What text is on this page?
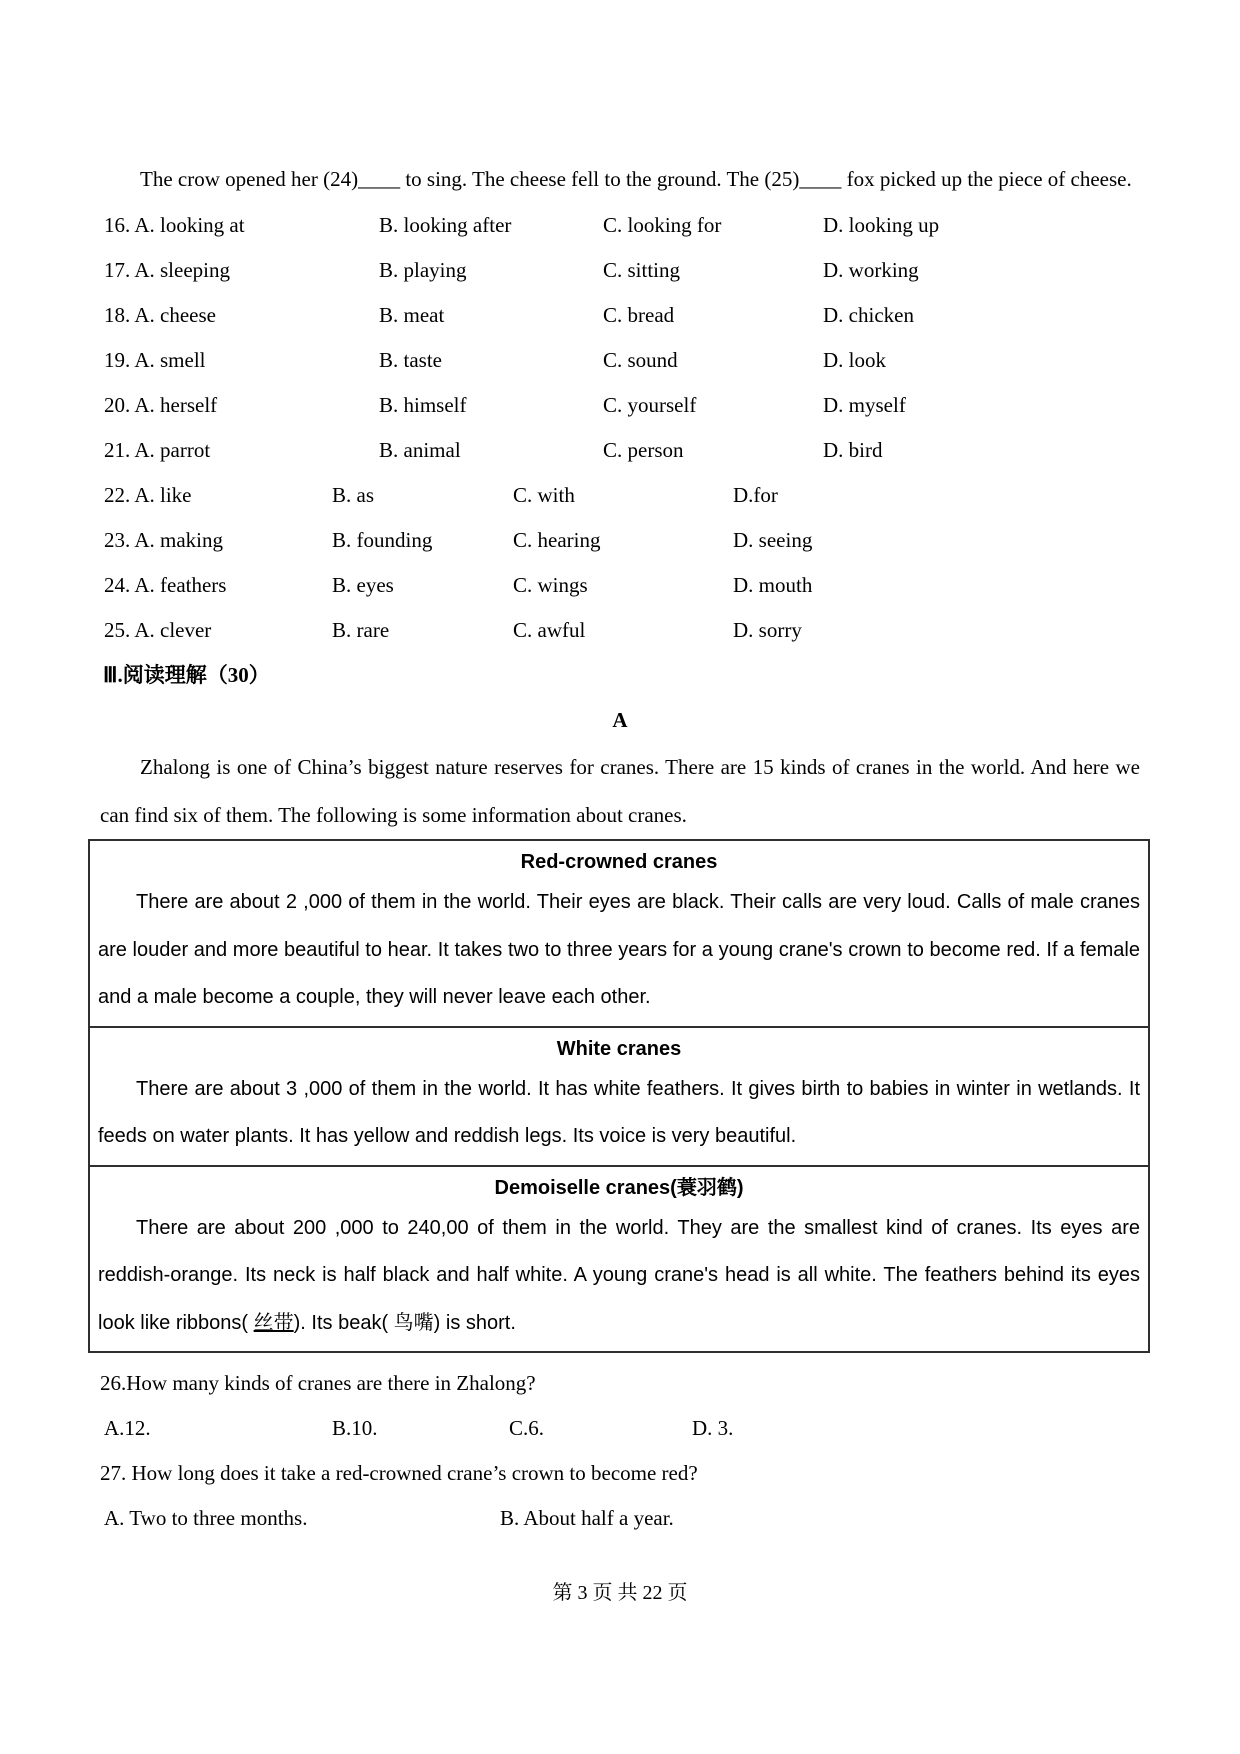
The crow opened her (24)____ to sing. The cheese fell to the ground. The (25)____ fox picked up the piece of cheese.

16. A. looking at	B. looking after	C. looking for	D. looking up
17. A. sleeping	B. playing	C. sitting	D. working
18. A. cheese	B. meat	C. bread	D. chicken
19. A. smell	B. taste	C. sound	D. look
20. A. herself	B. himself	C. yourself	D. myself
21. A. parrot	B. animal	C. person	D. bird
22. A. like	B. as	C. with	D.for
23. A. making	B. founding	C. hearing	D. seeing
24. A. feathers	B. eyes	C. wings	D. mouth
25. A. clever	B. rare	C. awful	D. sorry
Ⅲ.阅读理解（30）
A

Zhalong is one of China’s biggest nature reserves for cranes. There are 15 kinds of cranes in the world. And here we can find six of them. The following is some information about cranes.

Red-crowned cranes

There are about 2 ,000 of them in the world. Their eyes are black. Their calls are very loud. Calls of male cranes are louder and more beautiful to hear. It takes two to three years for a young crane's crown to become red. If a female and a male become a couple, they will never leave each other.

White cranes

There are about 3 ,000 of them in the world. It has white feathers. It gives birth to babies in winter in wetlands. It feeds on water plants. It has yellow and reddish legs. Its voice is very beautiful.

Demoiselle cranes(蓑羽鹤)

There are about 200 ,000 to 240,00 of them in the world. They are the smallest kind of cranes. Its eyes are reddish-orange. Its neck is half black and half white. A young crane's head is all white. The feathers behind its eyes look like ribbons( 丝带). Its beak( 鸟嘴) is short.

26.How many kinds of cranes are there in Zhalong?
A.12.	B.10.	C.6.	D. 3.
27. How long does it take a red-crowned crane’s crown to become red?
A. Two to three months.	B. About half a year.
第 3 页 共 22 页
